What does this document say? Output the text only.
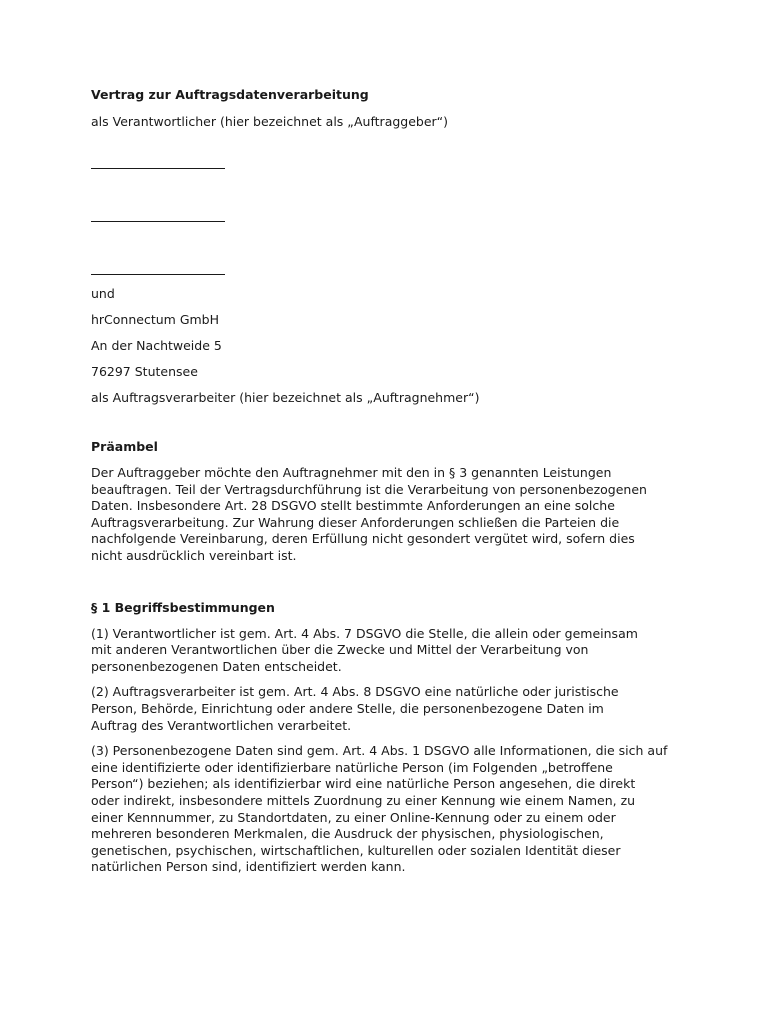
Vertrag zur Auftragsdatenverarbeitung

als Verantwortlicher (hier bezeichnet als „Auftraggeber“)

und

hrConnectum GmbH

An der Nachtweide 5

76297 Stutensee

als Auftragsverarbeiter (hier bezeichnet als „Auftragnehmer“)

Präambel

Der Auftraggeber möchte den Auftragnehmer mit den in § 3 genannten Leistungen
beauftragen. Teil der Vertragsdurchführung ist die Verarbeitung von personenbezogenen
Daten. Insbesondere Art. 28 DSGVO stellt bestimmte Anforderungen an eine solche
Auftragsverarbeitung. Zur Wahrung dieser Anforderungen schließen die Parteien die
nachfolgende Vereinbarung, deren Erfüllung nicht gesondert vergütet wird, sofern dies
nicht ausdrücklich vereinbart ist.

§ 1 Begriffsbestimmungen

(1) Verantwortlicher ist gem. Art. 4 Abs. 7 DSGVO die Stelle, die allein oder gemeinsam
mit anderen Verantwortlichen über die Zwecke und Mittel der Verarbeitung von
personenbezogenen Daten entscheidet.

(2) Auftragsverarbeiter ist gem. Art. 4 Abs. 8 DSGVO eine natürliche oder juristische
Person, Behörde, Einrichtung oder andere Stelle, die personenbezogene Daten im
Auftrag des Verantwortlichen verarbeitet.

(3) Personenbezogene Daten sind gem. Art. 4 Abs. 1 DSGVO alle Informationen, die sich auf
eine identifizierte oder identifizierbare natürliche Person (im Folgenden „betroffene
Person“) beziehen; als identifizierbar wird eine natürliche Person angesehen, die direkt
oder indirekt, insbesondere mittels Zuordnung zu einer Kennung wie einem Namen, zu
einer Kennnummer, zu Standortdaten, zu einer Online-Kennung oder zu einem oder
mehreren besonderen Merkmalen, die Ausdruck der physischen, physiologischen,
genetischen, psychischen, wirtschaftlichen, kulturellen oder sozialen Identität dieser
natürlichen Person sind, identifiziert werden kann.
